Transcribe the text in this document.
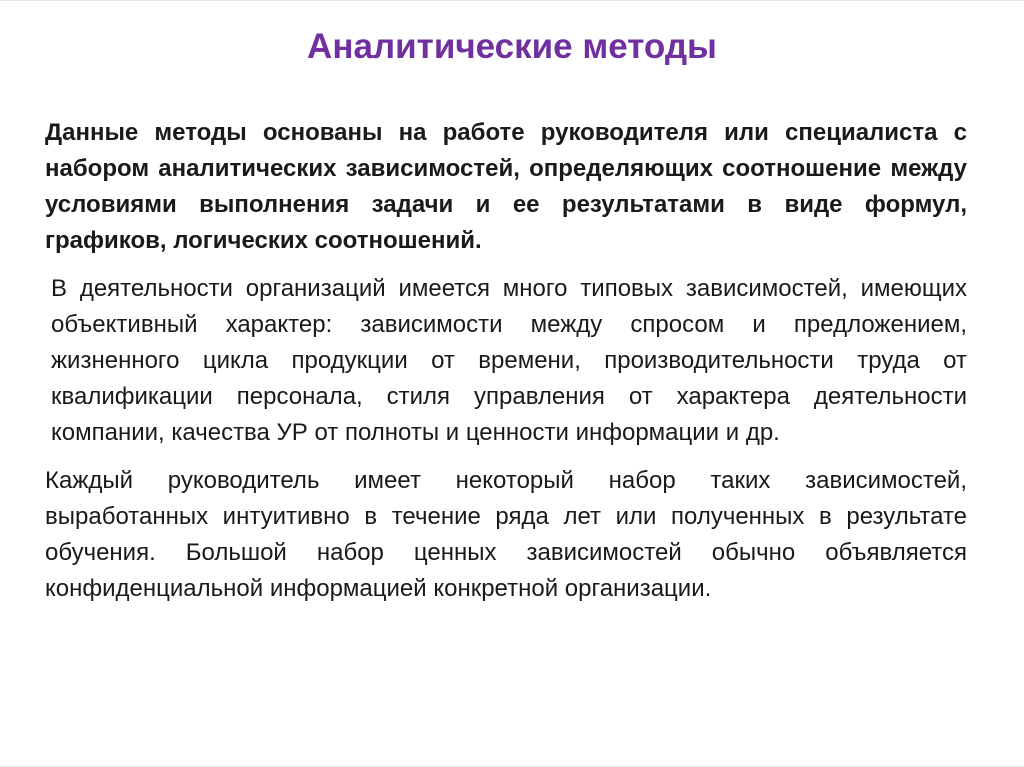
Аналитические методы

Данные методы основаны на работе руководителя или специалиста с набором аналитических зависимостей, определяющих соотношение между условиями выполнения задачи и ее результатами в виде формул, графиков, логических соотношений.

В деятельности организаций имеется много типовых зависимостей, имеющих объективный характер: зависимости между спросом и предложением, жизненного цикла продукции от времени, производительности труда от квалификации персонала, стиля управления от характера деятельности компании, качества УР от полноты и ценности информации и др.

Каждый руководитель имеет некоторый набор таких зависимостей, выработанных интуитивно в течение ряда лет или полученных в результате обучения. Большой набор ценных зависимостей обычно объявляется конфиденциальной информацией конкретной организации.
